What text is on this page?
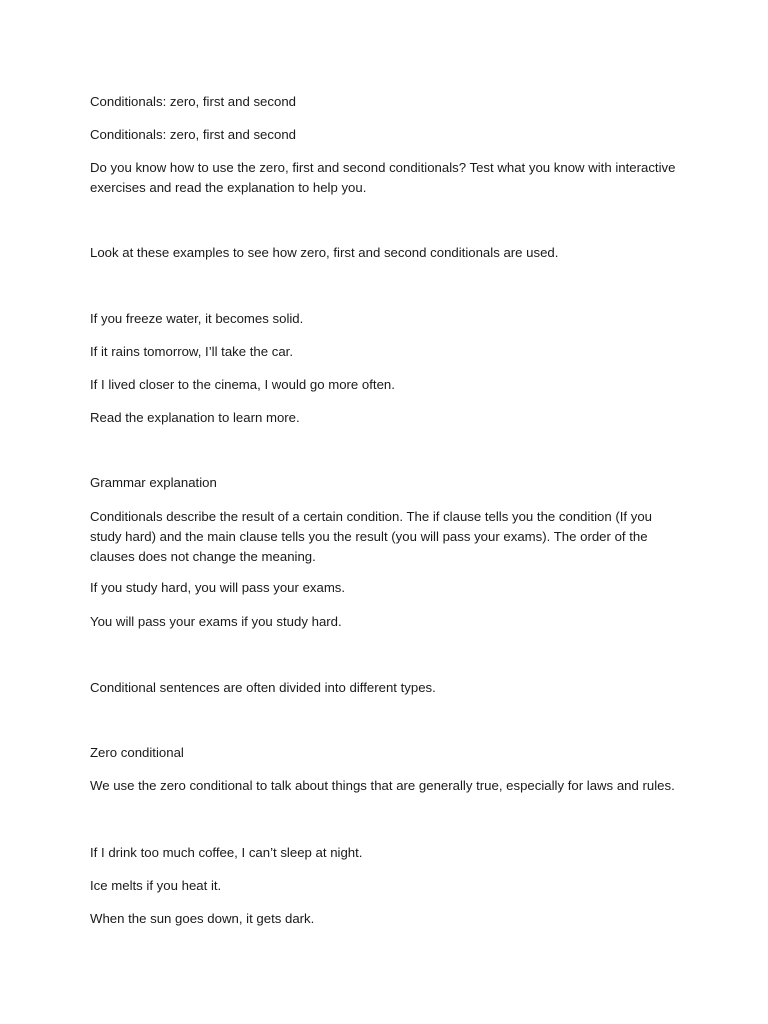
Conditionals: zero, first and second

Conditionals: zero, first and second

Do you know how to use the zero, first and second conditionals? Test what you know with interactive exercises and read the explanation to help you.

Look at these examples to see how zero, first and second conditionals are used.

If you freeze water, it becomes solid.

If it rains tomorrow, I’ll take the car.

If I lived closer to the cinema, I would go more often.

Read the explanation to learn more.

Grammar explanation

Conditionals describe the result of a certain condition. The if clause tells you the condition (If you study hard) and the main clause tells you the result (you will pass your exams). The order of the clauses does not change the meaning.

If you study hard, you will pass your exams.

You will pass your exams if you study hard.

Conditional sentences are often divided into different types.

Zero conditional

We use the zero conditional to talk about things that are generally true, especially for laws and rules.

If I drink too much coffee, I can’t sleep at night.

Ice melts if you heat it.

When the sun goes down, it gets dark.
